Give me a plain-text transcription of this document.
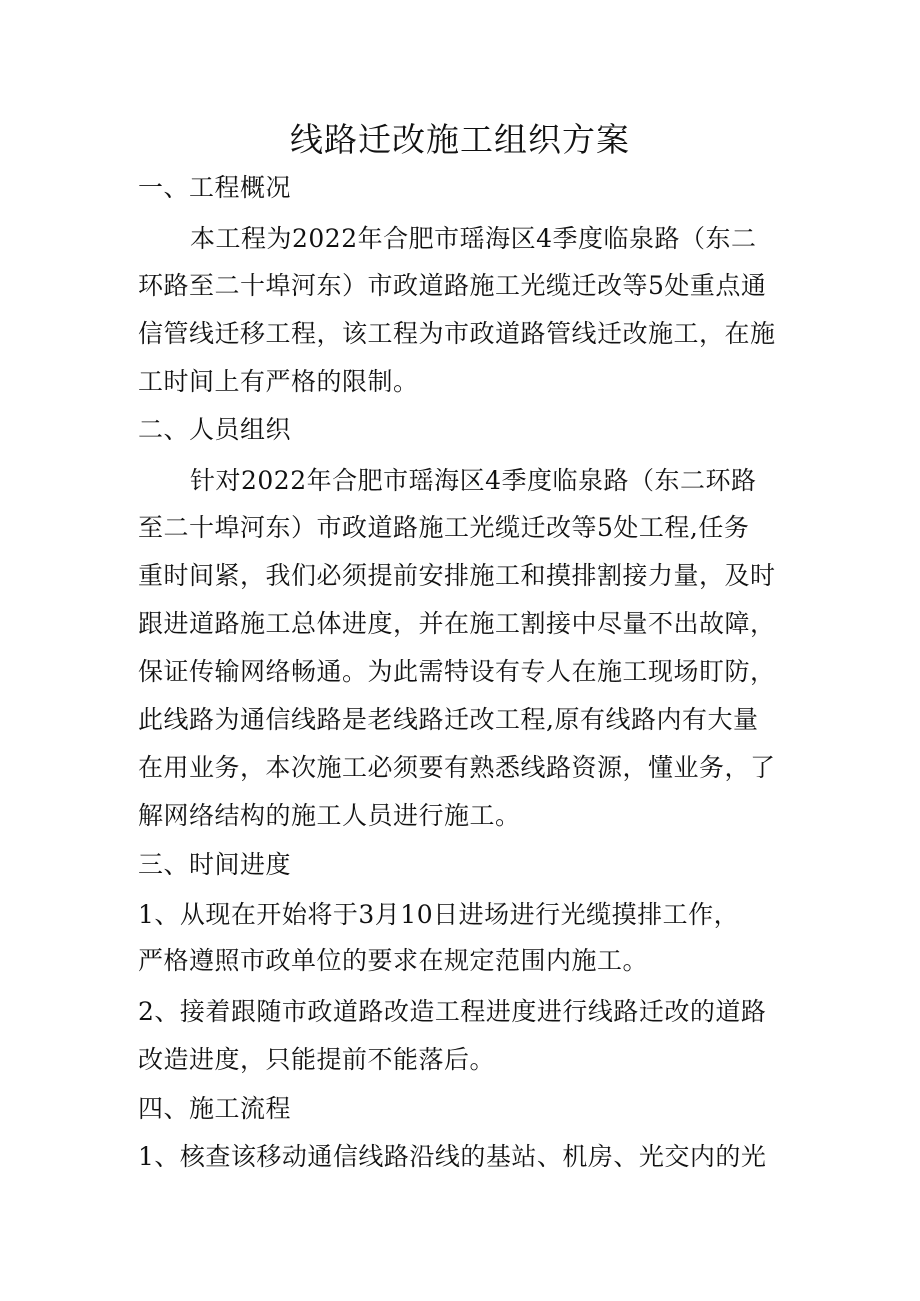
线路迁改施工组织方案
一、工程概况
本工程为2022年合肥市瑶海区4季度临泉路（东二
环路至二十埠河东）市政道路施工光缆迁改等5处重点通
信管线迁移工程，该工程为市政道路管线迁改施工，在施
工时间上有严格的限制。
二、人员组织
针对2022年合肥市瑶海区4季度临泉路（东二环路
至二十埠河东）市政道路施工光缆迁改等5处工程,任务
重时间紧，我们必须提前安排施工和摸排割接力量，及时
跟进道路施工总体进度，并在施工割接中尽量不出故障，
保证传输网络畅通。为此需特设有专人在施工现场盯防，
此线路为通信线路是老线路迁改工程,原有线路内有大量
在用业务，本次施工必须要有熟悉线路资源，懂业务，了
解网络结构的施工人员进行施工。
三、时间进度
1、从现在开始将于3月10日进场进行光缆摸排工作，
严格遵照市政单位的要求在规定范围内施工。
2、接着跟随市政道路改造工程进度进行线路迁改的道路
改造进度，只能提前不能落后。
四、施工流程
1、核查该移动通信线路沿线的基站、机房、光交内的光
